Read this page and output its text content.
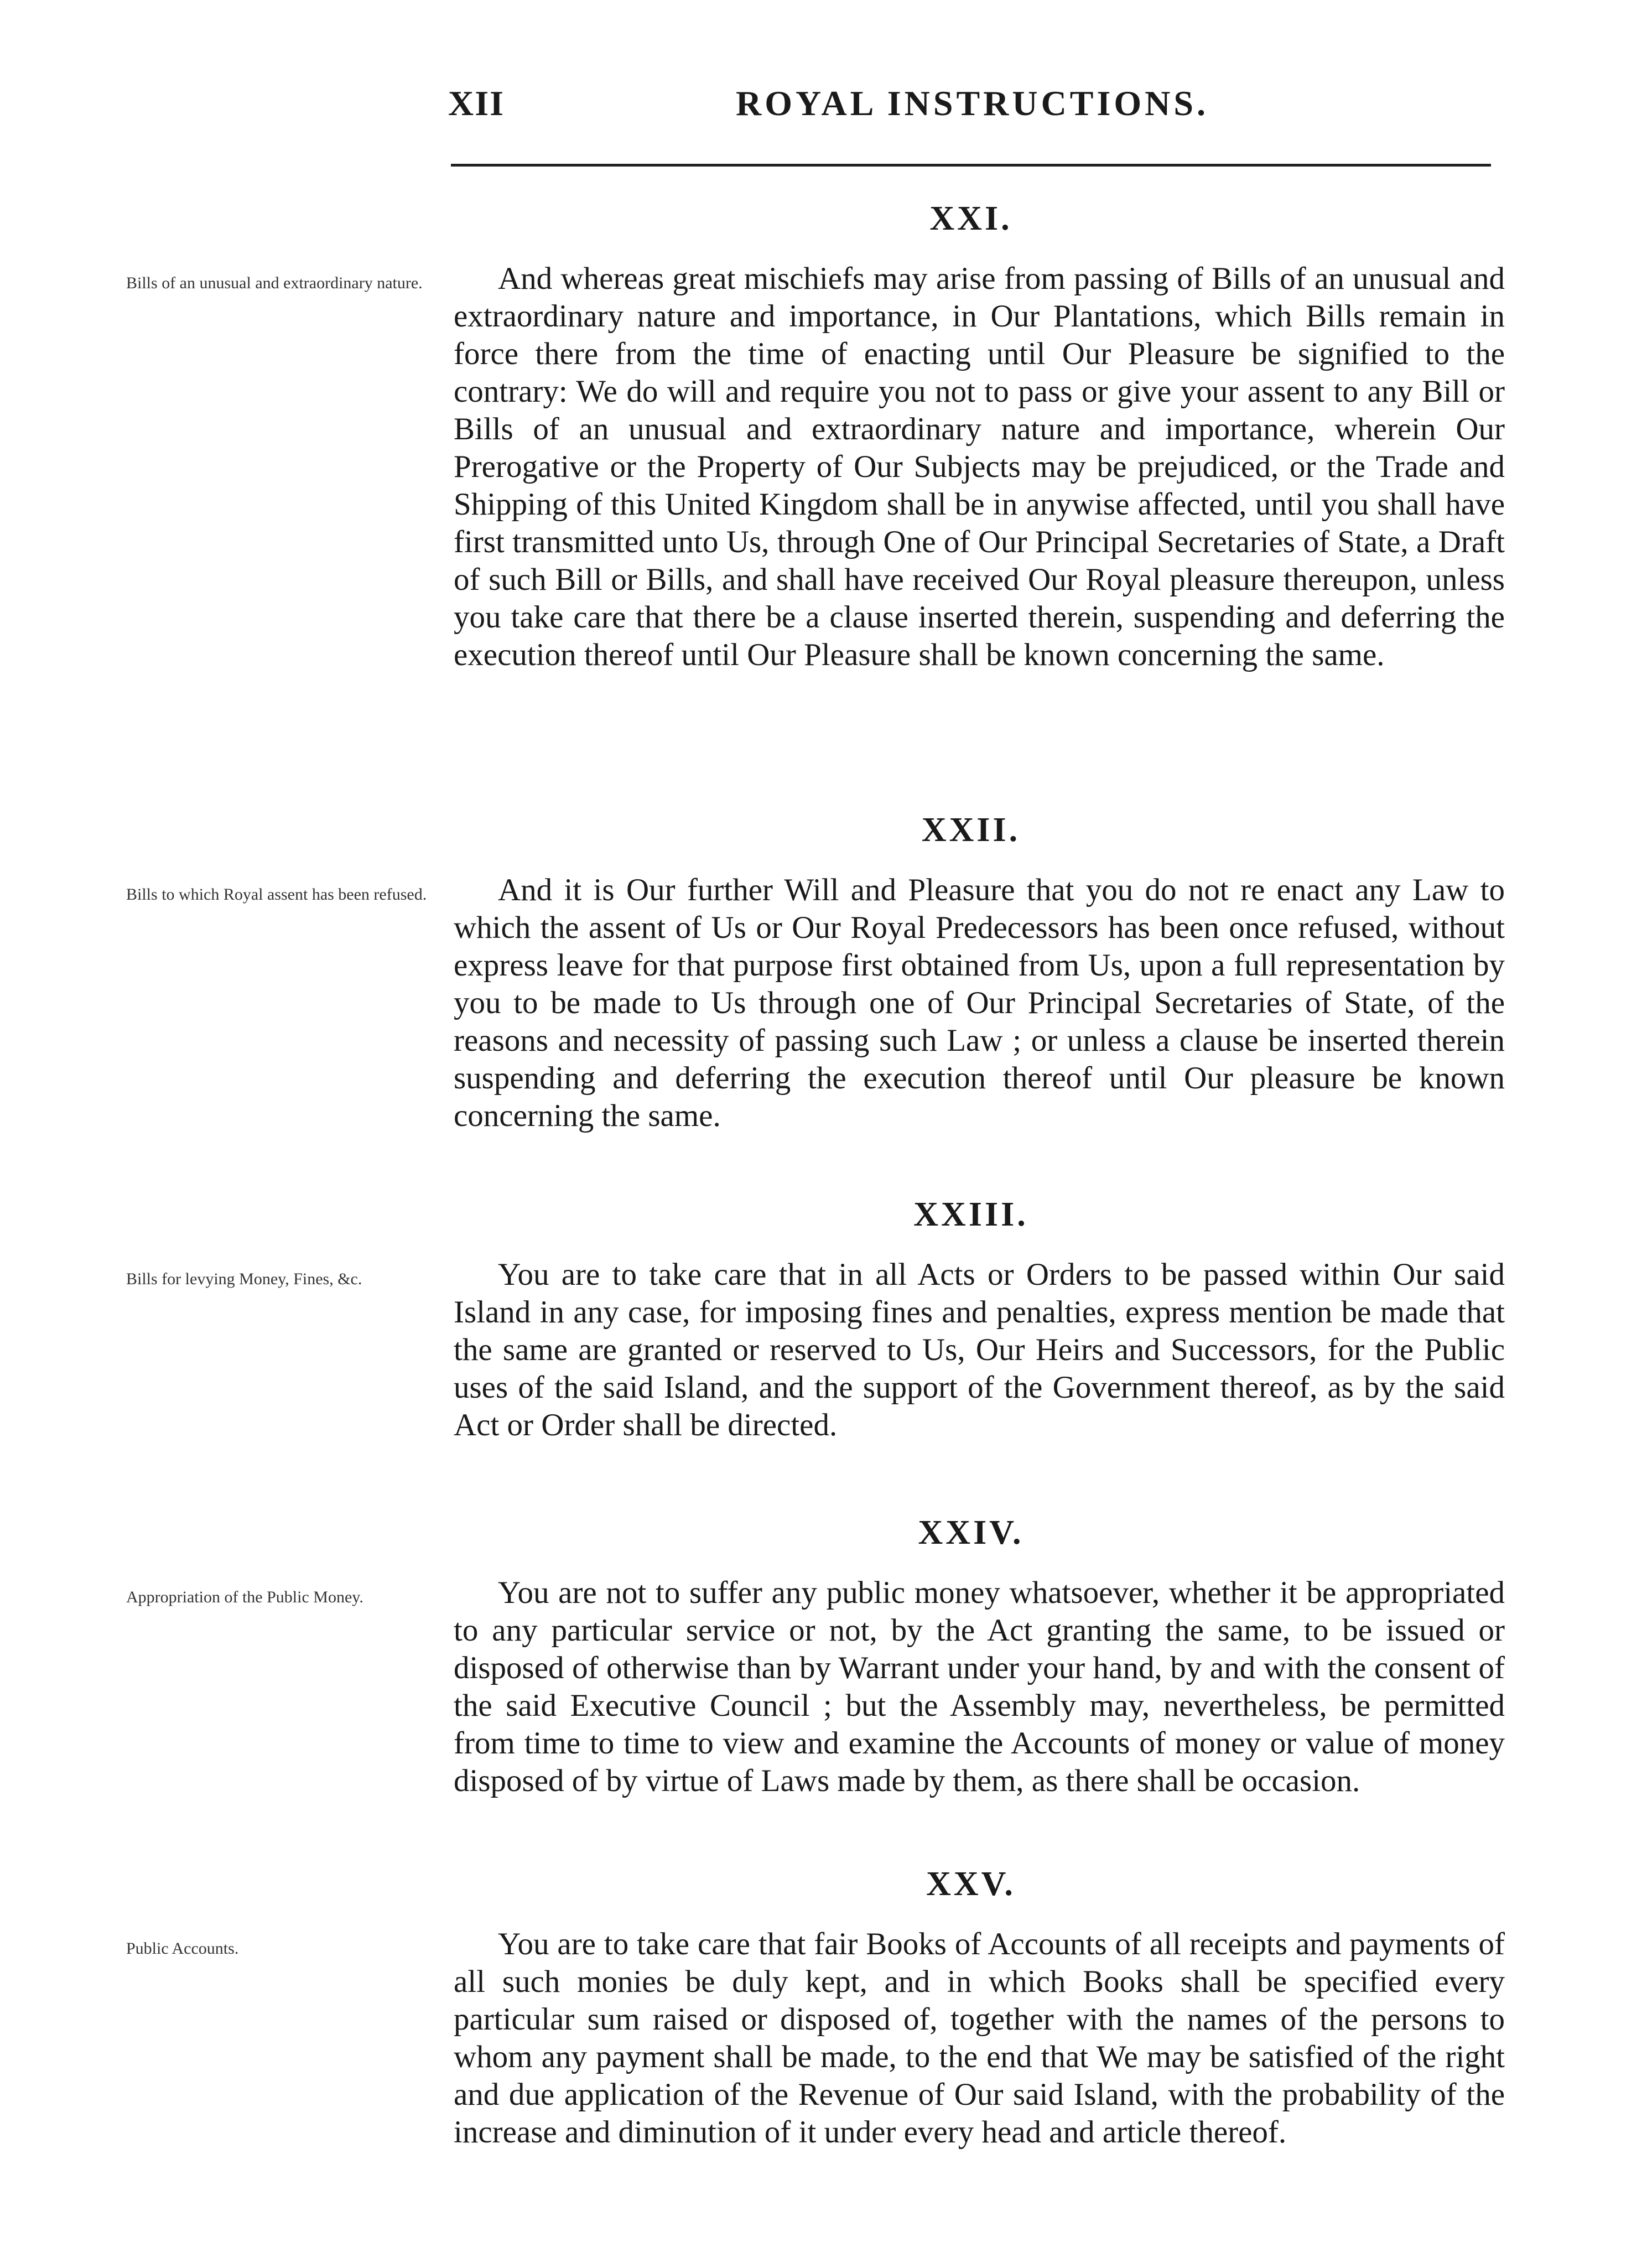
XII	ROYAL INSTRUCTIONS.
XXI.
Bills of an unusual and extraordinary nature.	And whereas great mischiefs may arise from passing of Bills of an unusual and extraordinary nature and importance, in Our Plantations, which Bills remain in force there from the time of enacting until Our Pleasure be signified to the contrary: We do will and require you not to pass or give your assent to any Bill or Bills of an unusual and extraordinary nature and importance, wherein Our Prerogative or the Property of Our Subjects may be prejudiced, or the Trade and Shipping of this United Kingdom shall be in anywise affected, until you shall have first transmitted unto Us, through One of Our Principal Secretaries of State, a Draft of such Bill or Bills, and shall have received Our Royal pleasure thereupon, unless you take care that there be a clause inserted therein, suspending and deferring the execution thereof until Our Pleasure shall be known concerning the same.

XXII.
Bills to which Royal assent has been refused.	And it is Our further Will and Pleasure that you do not re enact any Law to which the assent of Us or Our Royal Predecessors has been once refused, without express leave for that purpose first obtained from Us, upon a full representation by you to be made to Us through one of Our Principal Secretaries of State, of the reasons and necessity of passing such Law ; or unless a clause be inserted therein suspending and deferring the execution thereof until Our pleasure be known concerning the same.

XXIII.
Bills for levying Money, Fines, &c.	You are to take care that in all Acts or Orders to be passed within Our said Island in any case, for imposing fines and penalties, express mention be made that the same are granted or reserved to Us, Our Heirs and Successors, for the Public uses of the said Island, and the support of the Government thereof, as by the said Act or Order shall be directed.

XXIV.
Appropriation of the Public Money.	You are not to suffer any public money whatsoever, whether it be appropriated to any particular service or not, by the Act granting the same, to be issued or disposed of otherwise than by Warrant under your hand, by and with the consent of the said Executive Council ; but the Assembly may, nevertheless, be permitted from time to time to view and examine the Accounts of money or value of money disposed of by virtue of Laws made by them, as there shall be occasion.

XXV.
Public Accounts.	You are to take care that fair Books of Accounts of all receipts and payments of all such monies be duly kept, and in which Books shall be specified every particular sum raised or disposed of, together with the names of the persons to whom any payment shall be made, to the end that We may be satisfied of the right and due application of the Revenue of Our said Island, with the probability of the increase and diminution of it under every head and article thereof.
